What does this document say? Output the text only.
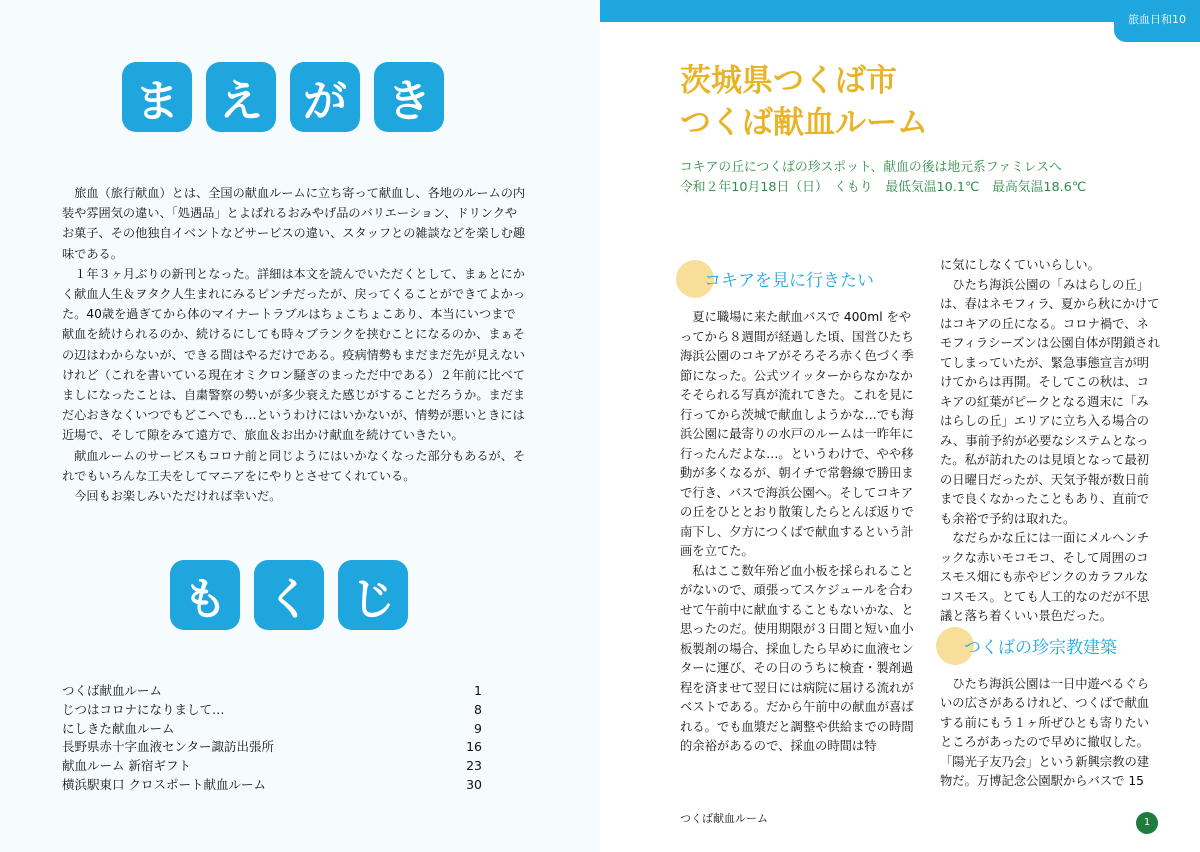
ま え が き

旅血（旅行献血）とは、全国の献血ルームに立ち寄って献血し、各地のルームの内装や雰囲気の違い、「処遇品」とよばれるおみやげ品のバリエーション、ドリンクやお菓子、その他独自イベントなどサービスの違い、スタッフとの雑談などを楽しむ趣味である。

１年３ヶ月ぶりの新刊となった。詳細は本文を読んでいただくとして、まぁとにかく献血人生＆ヲタク人生まれにみるピンチだったが、戻ってくることができてよかった。40歳を過ぎてから体のマイナートラブルはちょこちょこあり、本当にいつまで献血を続けられるのか、続けるにしても時々ブランクを挟むことになるのか、まぁその辺はわからないが、できる間はやるだけである。疫病情勢もまだまだ先が見えないけれど（これを書いている現在オミクロン騒ぎのまっただ中である）２年前に比べてましになったことは、自粛警察の勢いが多少衰えた感じがすることだろうか。まだまだ心おきなくいつでもどこへでも…というわけにはいかないが、情勢が悪いときには近場で、そして隙をみて遠方で、旅血＆お出かけ献血を続けていきたい。

献血ルームのサービスもコロナ前と同じようにはいかなくなった部分もあるが、それでもいろんな工夫をしてマニアをにやりとさせてくれている。

今回もお楽しみいただければ幸いだ。

も く じ
つくば献血ルーム	1
じつはコロナになりまして…	8
にしきた献血ルーム	9
長野県赤十字血液センター諏訪出張所	16
献血ルーム 新宿ギフト	23
横浜駅東口 クロスポート献血ルーム	30
旅血日和10
茨城県つくば市
つくば献血ルーム
コキアの丘につくばの珍スポット、献血の後は地元系ファミレスへ
令和２年10月18日（日）　くもり　最低気温10.1℃　最高気温18.6℃
コキアを見に行きたい

夏に職場に来た献血バスで 400ml をやってから８週間が経過した頃、国営ひたち海浜公園のコキアがそろそろ赤く色づく季節になった。公式ツイッターからなかなかそそられる写真が流れてきた。これを見に行ってから茨城で献血しようかな…でも海浜公園に最寄りの水戸のルームは一昨年に行ったんだよな…。というわけで、やや移動が多くなるが、朝イチで常磐線で勝田まで行き、バスで海浜公園へ。そしてコキアの丘をひととおり散策したらとんぼ返りで南下し、夕方につくばで献血するという計画を立てた。

私はここ数年殆ど血小板を採られることがないので、頑張ってスケジュールを合わせて午前中に献血することもないかな、と思ったのだ。使用期限が３日間と短い血小板製剤の場合、採血したら早めに血液センターに運び、その日のうちに検査・製剤過程を済ませて翌日には病院に届ける流れがベストである。だから午前中の献血が喜ばれる。でも血漿だと調整や供給までの時間的余裕があるので、採血の時間は特

に気にしなくていいらしい。

ひたち海浜公園の「みはらしの丘」は、春はネモフィラ、夏から秋にかけてはコキアの丘になる。コロナ禍で、ネモフィラシーズンは公園自体が閉鎖されてしまっていたが、緊急事態宣言が明けてからは再開。そしてこの秋は、コキアの紅葉がピークとなる週末に「みはらしの丘」エリアに立ち入る場合のみ、事前予約が必要なシステムとなった。私が訪れたのは見頃となって最初の日曜日だったが、天気予報が数日前まで良くなかったこともあり、直前でも余裕で予約は取れた。

なだらかな丘には一面にメルヘンチックな赤いモコモコ、そして周囲のコスモス畑にも赤やピンクのカラフルなコスモス。とても人工的なのだが不思議と落ち着くいい景色だった。

つくばの珍宗教建築

ひたち海浜公園は一日中遊べるぐらいの広さがあるけれど、つくばで献血する前にもう１ヶ所ぜひとも寄りたいところがあったので早めに撤収した。「陽光子友乃会」という新興宗教の建物だ。万博記念公園駅からバスで 15

つくば献血ルーム	1
